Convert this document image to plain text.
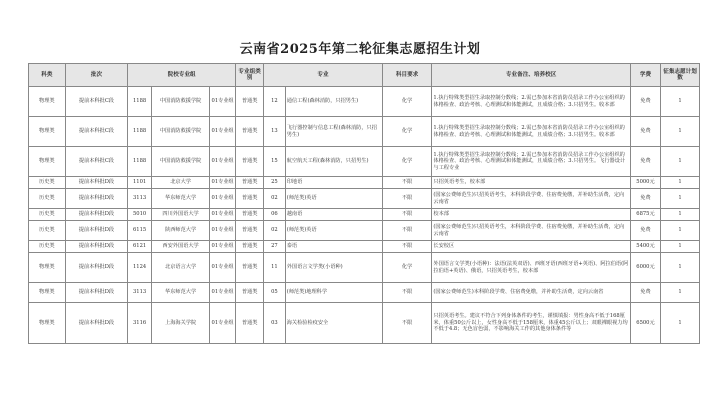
云南省2025年第二轮征集志愿招生计划
科类	批次	院校专业组			专业组类别	专业		科目要求	专业备注、培养校区	学费	征集志愿计划数
物理类	提前本科批C段	1188	中国消防救援学院	01专业组	普通类	12	通信工程(森林消防，只招男生)	化学	1.执行特殊类型招生录取控制分数线；2.需已参加本省消防员招录工作办公室组织的体格检查、政治考核、心理测试和体能测试，且成绩合格；3.只招男生。收本部	免费	1
物理类	提前本科批C段	1188	中国消防救援学院	01专业组	普通类	13	飞行器控制与信息工程(森林消防，只招男生)	化学	1.执行特殊类型招生录取控制分数线；2.需已参加本省消防员招录工作办公室组织的体格检查、政治考核、心理测试和体能测试，且成绩合格；3.只招男生。收本部	免费	1
物理类	提前本科批C段	1188	中国消防救援学院	01专业组	普通类	15	航空航天工程(森林消防，只招男生)	化学	1.执行特殊类型招生录取控制分数线；2.需已参加本省消防员招录工作办公室组织的体格检查、政治考核、心理测试和体能测试，且成绩合格；3.只招男生。飞行器设计与工程专业	免费	1
历史类	提前本科批D段	1101	北京大学	01专业组	普通类	25	印地语	不限	只招英语考生，校本部	5000元	1
历史类	提前本科批D段	3113	华东师范大学	01专业组	普通类	02	(师范类)英语	不限	(国家公费师范生)只招英语考生，本科阶段学费、住宿费免缴，并补助生活费，定向云南省	免费	1
历史类	提前本科批D段	5010	四川外国语大学	01专业组	普通类	06	越南语	不限	校本部	6875元	1
历史类	提前本科批D段	6115	陕西师范大学	01专业组	普通类	02	(师范类)英语	不限	(国家公费师范生)只招英语考生，本科阶段学费、住宿费免缴，并补助生活费，定向云南省	免费	1
历史类	提前本科批D段	6121	西安外国语大学	01专业组	普通类	27	泰语	不限	长安校区	5400元	1
物理类	提前本科批D段	1124	北京语言大学	01专业组	普通类	11	外国语言文学类(小语种)	化学	外国语言文学类(小语种)：法语(法英双语)、西班牙语(西班牙语+英语)、阿拉伯语(阿拉伯语+英语)、俄语，只招英语考生，校本部	6000元	1
物理类	提前本科批D段	3113	华东师范大学	01专业组	普通类	05	(师范类)地理科学	不限	(国家公费师范生)本科阶段学费、住宿费免缴，并补助生活费，定向云南省	免费	1
物理类	提前本科批D段	3116	上海海关学院	01专业组	普通类	03	海关检验检疫安全	不限	只招英语考生。建议不符合下列身体条件的考生，谨慎填报：男性身高不低于168厘米，体重50公斤以上，女性身高不低于158厘米，体重45公斤以上；双眼裸眼视力均不低于4.8；无色盲色弱，不影响海关工作的其他身体条件等	6500元	1
